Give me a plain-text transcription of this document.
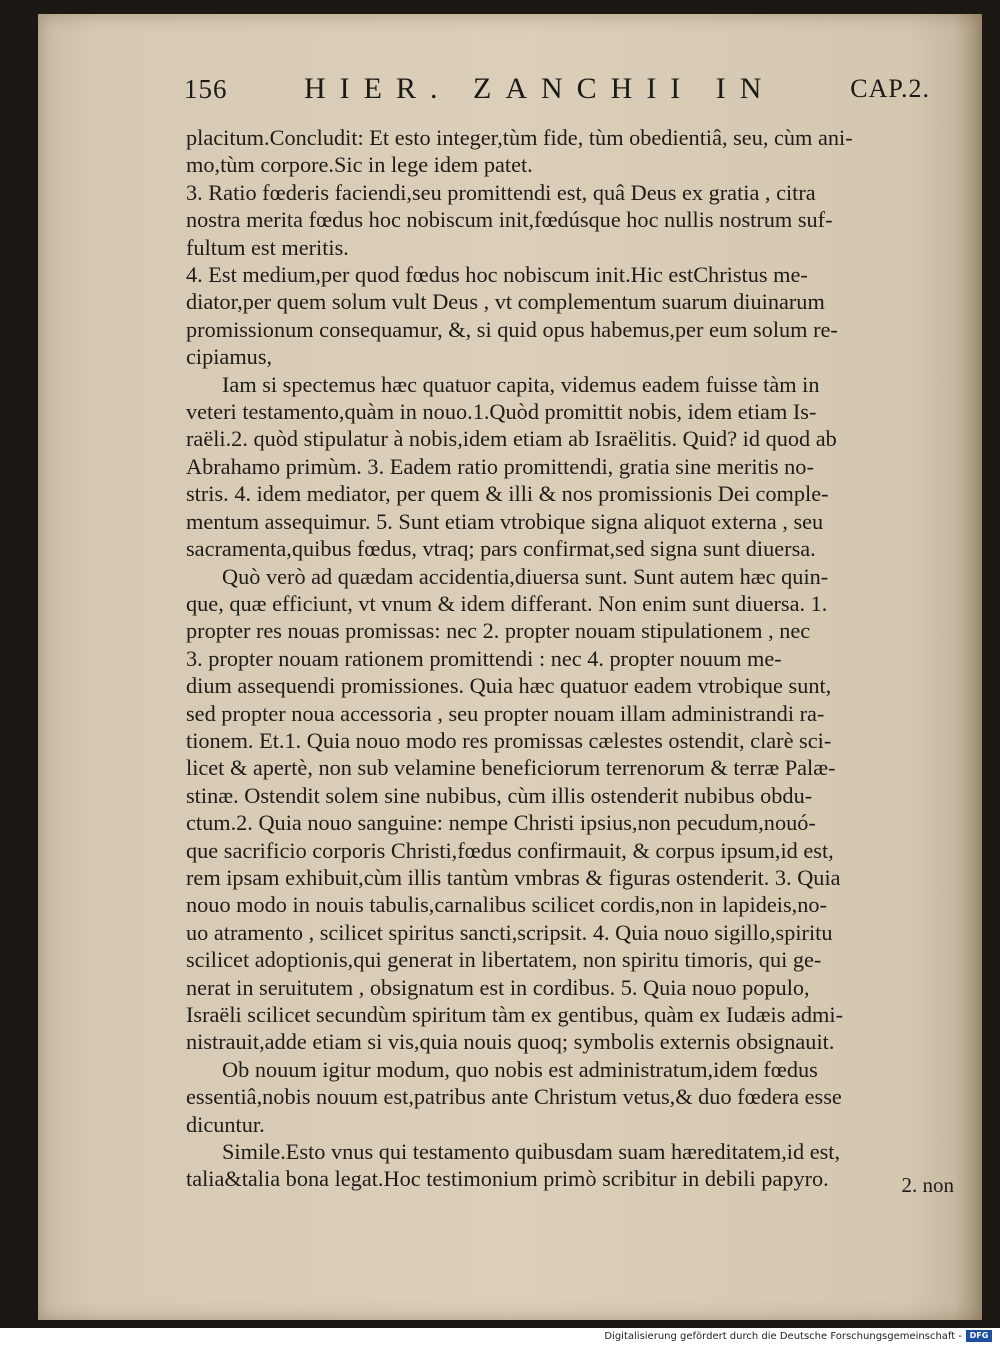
156	HIER. ZANCHII IN	CAP.2.
placitum.Concludit: Et esto integer,tùm fide, tùm obedientiâ, seu, cùm ani-
mo,tùm corpore.Sic in lege idem patet.
3. Ratio fœderis faciendi,seu promittendi est, quâ Deus ex gratia , citra
nostra merita fœdus hoc nobiscum init,fœdúsque hoc nullis nostrum suf-
fultum est meritis.
4. Est medium,per quod fœdus hoc nobiscum init.Hic estChristus me-
diator,per quem solum vult Deus , vt complementum suarum diuinarum
promissionum consequamur, &, si quid opus habemus,per eum solum re-
cipiamus,
Iam si spectemus hæc quatuor capita, videmus eadem fuisse tàm in
veteri testamento,quàm in nouo.1.Quòd promittit nobis, idem etiam Is-
raëli.2. quòd stipulatur à nobis,idem etiam ab Israëlitis. Quid? id quod ab
Abrahamo primùm. 3. Eadem ratio promittendi, gratia sine meritis no-
stris. 4. idem mediator, per quem & illi & nos promissionis Dei comple-
mentum assequimur. 5. Sunt etiam vtrobique signa aliquot externa , seu
sacramenta,quibus fœdus, vtraq; pars confirmat,sed signa sunt diuersa.
Quò verò ad quædam accidentia,diuersa sunt. Sunt autem hæc quin-
que, quæ efficiunt, vt vnum & idem differant. Non enim sunt diuersa. 1.
propter res nouas promissas: nec 2. propter nouam stipulationem , nec
3. propter nouam rationem promittendi : nec 4. propter nouum me-
dium assequendi promissiones. Quia hæc quatuor eadem vtrobique sunt,
sed propter noua accessoria , seu propter nouam illam administrandi ra-
tionem. Et.1. Quia nouo modo res promissas cælestes ostendit, clarè sci-
licet & apertè, non sub velamine beneficiorum terrenorum & terræ Palæ-
stinæ. Ostendit solem sine nubibus, cùm illis ostenderit nubibus obdu-
ctum.2. Quia nouo sanguine: nempe Christi ipsius,non pecudum,nouó-
que sacrificio corporis Christi,fœdus confirmauit, & corpus ipsum,id est,
rem ipsam exhibuit,cùm illis tantùm vmbras & figuras ostenderit. 3. Quia
nouo modo in nouis tabulis,carnalibus scilicet cordis,non in lapideis,no-
uo atramento , scilicet spiritus sancti,scripsit. 4. Quia nouo sigillo,spiritu
scilicet adoptionis,qui generat in libertatem, non spiritu timoris, qui ge-
nerat in seruitutem , obsignatum est in cordibus. 5. Quia nouo populo,
Israëli scilicet secundùm spiritum tàm ex gentibus, quàm ex Iudæis admi-
nistrauit,adde etiam si vis,quia nouis quoq; symbolis externis obsignauit.
Ob nouum igitur modum, quo nobis est administratum,idem fœdus
essentiâ,nobis nouum est,patribus ante Christum vetus,& duo fœdera esse
dicuntur.
Simile.Esto vnus qui testamento quibusdam suam hæreditatem,id est,
talia&talia bona legat.Hoc testimonium primò scribitur in debili papyro.	2. non
Digitalisierung gefördert durch die Deutsche Forschungsgemeinschaft - DFG
